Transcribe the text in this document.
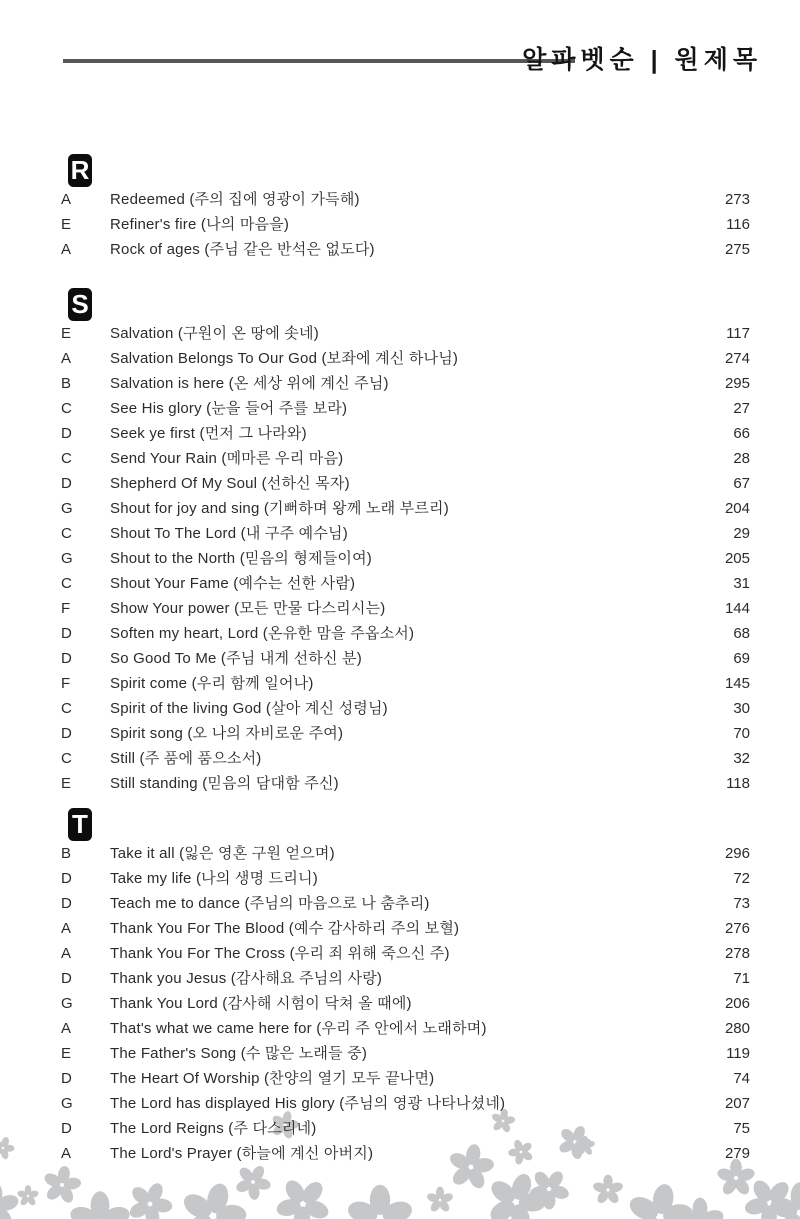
알파벳순 | 원제목
R
A	Redeemed (주의 집에 영광이 가득해)	273
E	Refiner's fire (나의 마음을)	116
A	Rock of ages (주님 같은 반석은 없도다)	275
S
E	Salvation (구원이 온 땅에 솟네)	117
A	Salvation Belongs To Our God (보좌에 계신 하나님)	274
B	Salvation is here (온 세상 위에 계신 주님)	295
C	See His glory (눈을 들어 주를 보라)	27
D	Seek ye first (먼저 그 나라와)	66
C	Send Your Rain (메마른 우리 마음)	28
D	Shepherd Of My Soul (선하신 목자)	67
G	Shout for joy and sing (기뻐하며 왕께 노래 부르리)	204
C	Shout To The Lord (내 구주 예수님)	29
G	Shout to the North (믿음의 형제들이여)	205
C	Shout Your Fame (예수는 선한 사람)	31
F	Show Your power (모든 만물 다스리시는)	144
D	Soften my heart, Lord (온유한 맘을 주옵소서)	68
D	So Good To Me (주님 내게 선하신 분)	69
F	Spirit come (우리 함께 일어나)	145
C	Spirit of the living God (살아 계신 성령님)	30
D	Spirit song (오 나의 자비로운 주여)	70
C	Still (주 품에 품으소서)	32
E	Still standing (믿음의 담대함 주신)	118
T
B	Take it all (잃은 영혼 구원 얻으며)	296
D	Take my life (나의 생명 드리니)	72
D	Teach me to dance (주님의 마음으로 나 춤추리)	73
A	Thank You For The Blood (예수 감사하리 주의 보혈)	276
A	Thank You For The Cross (우리 죄 위해 죽으신 주)	278
D	Thank you Jesus (감사해요 주님의 사랑)	71
G	Thank You Lord (감사해 시험이 닥쳐 올 때에)	206
A	That's what we came here for (우리 주 안에서 노래하며)	280
E	The Father's Song (수 많은 노래들 중)	119
D	The Heart Of Worship (찬양의 열기 모두 끝나면)	74
G	The Lord has displayed His glory (주님의 영광 나타나셨네)	207
D	The Lord Reigns (주 다스리네)	75
A	The Lord's Prayer (하늘에 계신 아버지)	279
